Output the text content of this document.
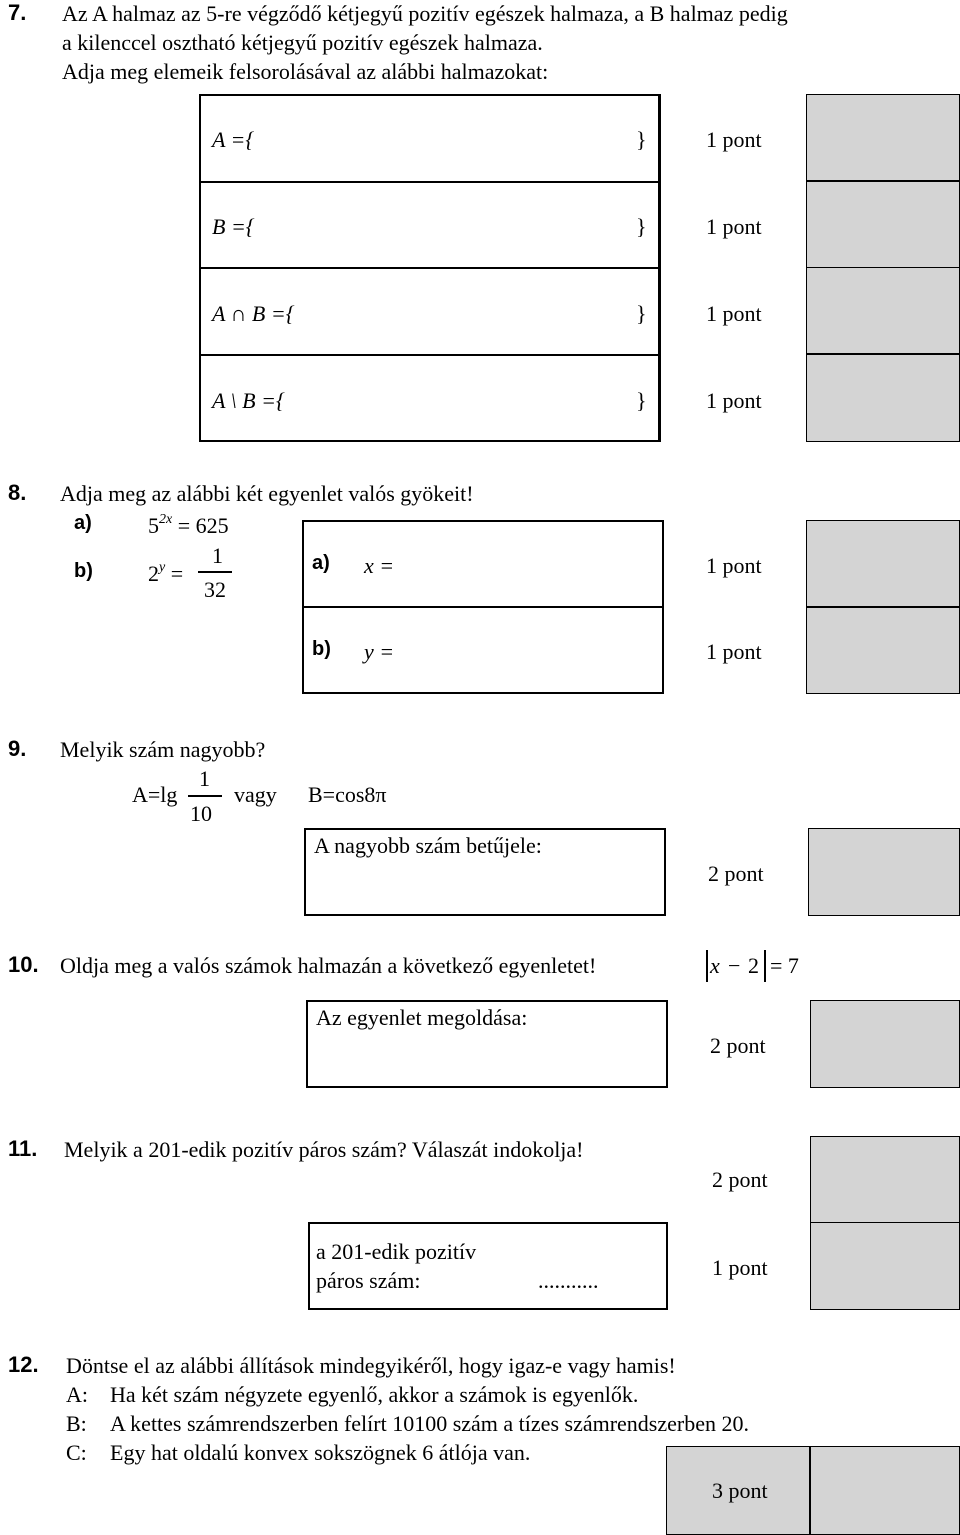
7. Az A halmaz az 5-re végződő kétjegyű pozitív egészek halmaza, a B halmaz pedig
a kilenccel osztható kétjegyű pozitív egészek halmaza.
Adja meg elemeik felsorolásával az alábbi halmazokat:
A ={	}
B ={	}
A ∩ B ={	}
A \ B ={	}
1 pont
1 pont
1 pont
1 pont
8. Adja meg az alábbi két egyenlet valós gyökeit!
a)	$5^{2x} = 625$
b)	$2^y$ =
1
32
a) x =
b) y =
1 pont
1 pont
9. Melyik szám nagyobb?
A=lg
1
10
vagy B=cos8π
A nagyobb szám betűjele:
2 pont
10. Oldja meg a valós számok halmazán a következő egyenletet!	x − 2 = 7
Az egyenlet megoldása:
2 pont
11. Melyik a 201-edik pozitív páros szám? Válaszát indokolja!
2 pont
a 201-edik pozitív
páros szám:	...........
1 pont
12. Döntse el az alábbi állítások mindegyikéről, hogy igaz-e vagy hamis!
A: Ha két szám négyzete egyenlő, akkor a számok is egyenlők.
B: A kettes számrendszerben felírt 10100 szám a tízes számrendszerben 20.
C: Egy hat oldalú konvex sokszögnek 6 átlója van.
3 pont
